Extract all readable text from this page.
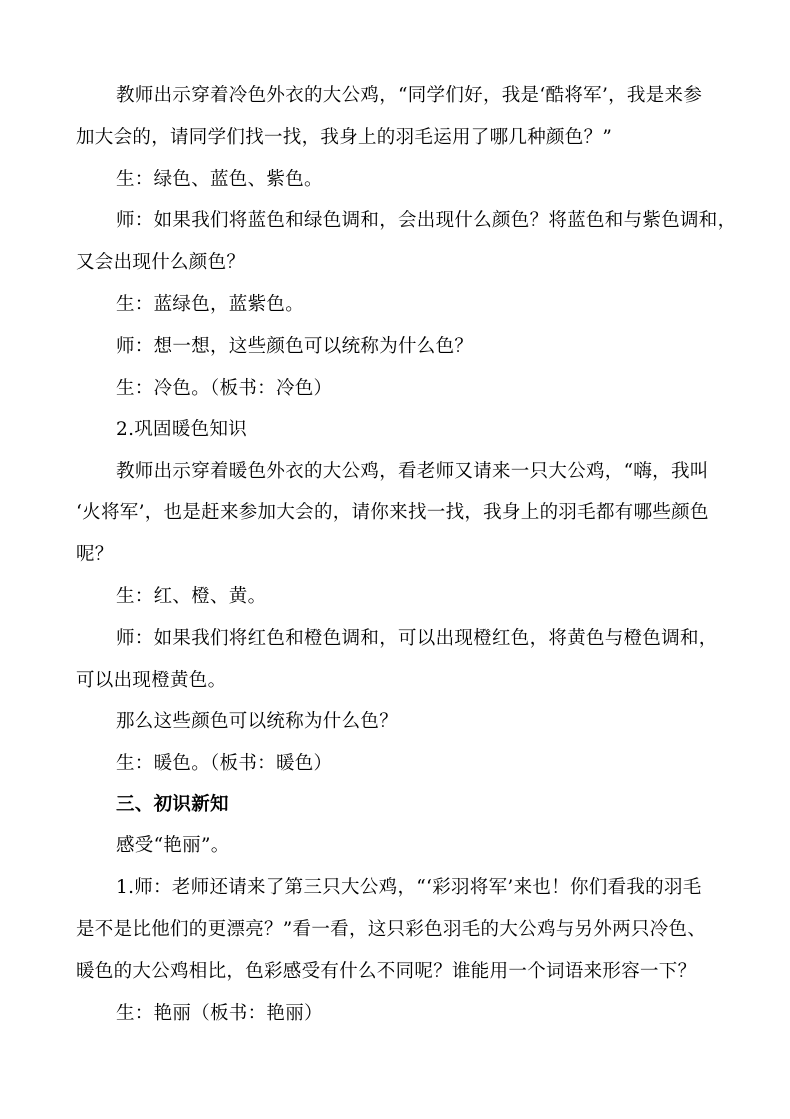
教师出示穿着冷色外衣的大公鸡，“同学们好，我是‘酷将军’，我是来参

加大会的，请同学们找一找，我身上的羽毛运用了哪几种颜色？”

生：绿色、蓝色、紫色。

师：如果我们将蓝色和绿色调和，会出现什么颜色？将蓝色和与紫色调和，

又会出现什么颜色？

生：蓝绿色，蓝紫色。

师：想一想，这些颜色可以统称为什么色？

生：冷色。（板书：冷色）

2.巩固暖色知识

教师出示穿着暖色外衣的大公鸡，看老师又请来一只大公鸡，“嗨，我叫

‘火将军’，也是赶来参加大会的，请你来找一找，我身上的羽毛都有哪些颜色

呢？

生：红、橙、黄。

师：如果我们将红色和橙色调和，可以出现橙红色，将黄色与橙色调和，

可以出现橙黄色。

那么这些颜色可以统称为什么色？

生：暖色。（板书：暖色）

三、初识新知

感受“艳丽”。

1.师：老师还请来了第三只大公鸡，“‘彩羽将军’来也！你们看我的羽毛

是不是比他们的更漂亮？”看一看，这只彩色羽毛的大公鸡与另外两只冷色、

暖色的大公鸡相比，色彩感受有什么不同呢？谁能用一个词语来形容一下？

生：艳丽（板书：艳丽）
